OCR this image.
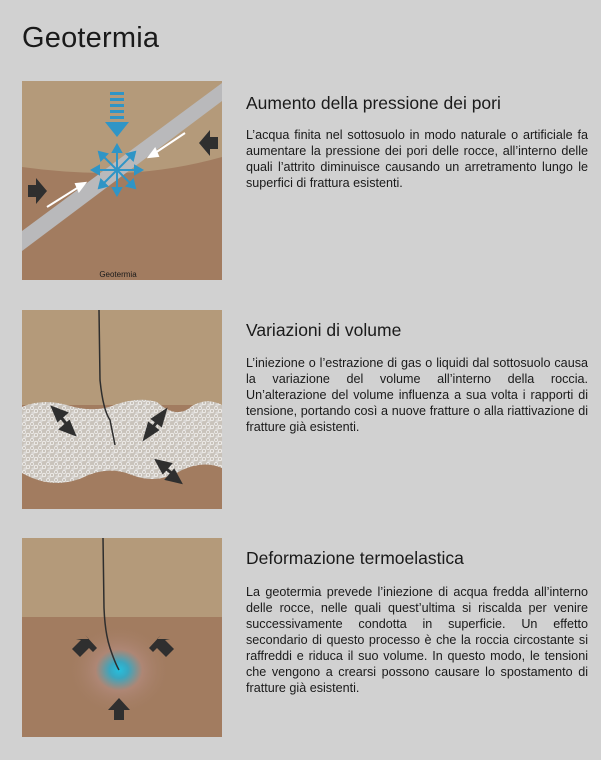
Geotermia
Geotermia
Aumento della pressione dei pori
L’acqua finita nel sottosuolo in modo naturale o artificiale fa aumentare la pressione dei pori delle rocce, all’interno delle quali l’attrito diminuisce causando un arretramento lungo le superfici di frattura esistenti.
Variazioni di volume
L’iniezione o l’estrazione di gas o liquidi dal sottosuolo causa la variazione del volume all’interno della roccia. Un’alterazione del volume influenza a sua volta i rapporti di tensione, portando così a nuove fratture o alla riattivazione di fratture già esistenti.
Deformazione termoelastica
La geotermia prevede l’iniezione di acqua fredda all’interno delle rocce, nelle quali quest’ultima si riscalda per venire successivamente condotta in superficie. Un effetto secondario di questo processo è che la roccia circostante si raffreddi e riduca il suo volume. In questo modo, le tensioni che vengono a crearsi possono causare lo spostamento di fratture già esistenti.
